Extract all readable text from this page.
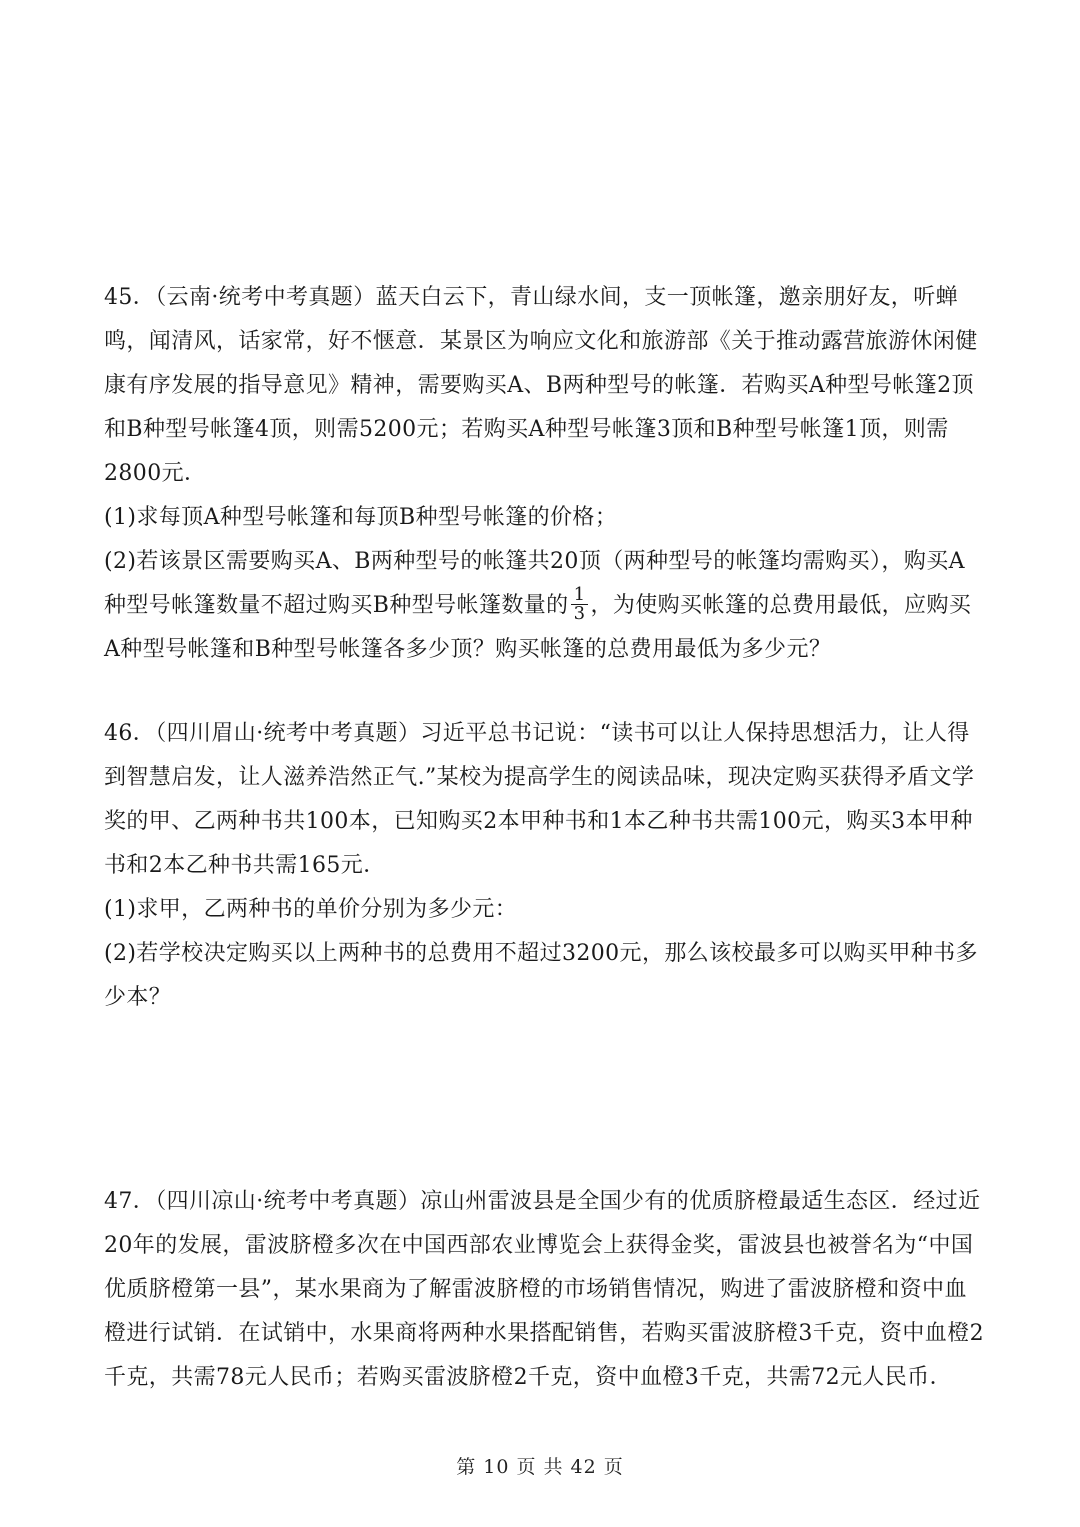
45．（云南·统考中考真题）蓝天白云下，青山绿水间，支一顶帐篷，邀亲朋好友，听蝉鸣，闻清风，话家常，好不惬意．某景区为响应文化和旅游部《关于推动露营旅游休闲健康有序发展的指导意见》精神，需要购买A、B两种型号的帐篷．若购买A种型号帐篷2顶和B种型号帐篷4顶，则需5200元；若购买A种型号帐篷3顶和B种型号帐篷1顶，则需2800元．

(1)求每顶A种型号帐篷和每顶B种型号帐篷的价格；

(2)若该景区需要购买A、B两种型号的帐篷共20顶（两种型号的帐篷均需购买），购买A种型号帐篷数量不超过购买B种型号帐篷数量的 $\frac{1}{3}$ ，为使购买帐篷的总费用最低，应购买A种型号帐篷和B种型号帐篷各多少顶？购买帐篷的总费用最低为多少元？

46．（四川眉山·统考中考真题）习近平总书记说：“读书可以让人保持思想活力，让人得到智慧启发，让人滋养浩然正气.”某校为提高学生的阅读品味，现决定购买获得矛盾文学奖的甲、乙两种书共100本，已知购买2本甲种书和1本乙种书共需100元，购买3本甲种书和2本乙种书共需165元．

(1)求甲，乙两种书的单价分别为多少元：

(2)若学校决定购买以上两种书的总费用不超过3200元，那么该校最多可以购买甲种书多少本？

47．（四川凉山·统考中考真题）凉山州雷波县是全国少有的优质脐橙最适生态区．经过近20年的发展，雷波脐橙多次在中国西部农业博览会上获得金奖，雷波县也被誉名为“中国优质脐橙第一县”，某水果商为了解雷波脐橙的市场销售情况，购进了雷波脐橙和资中血橙进行试销．在试销中，水果商将两种水果搭配销售，若购买雷波脐橙3千克，资中血橙2千克，共需78元人民币；若购买雷波脐橙2千克，资中血橙3千克，共需72元人民币．

第 10 页 共 42 页
